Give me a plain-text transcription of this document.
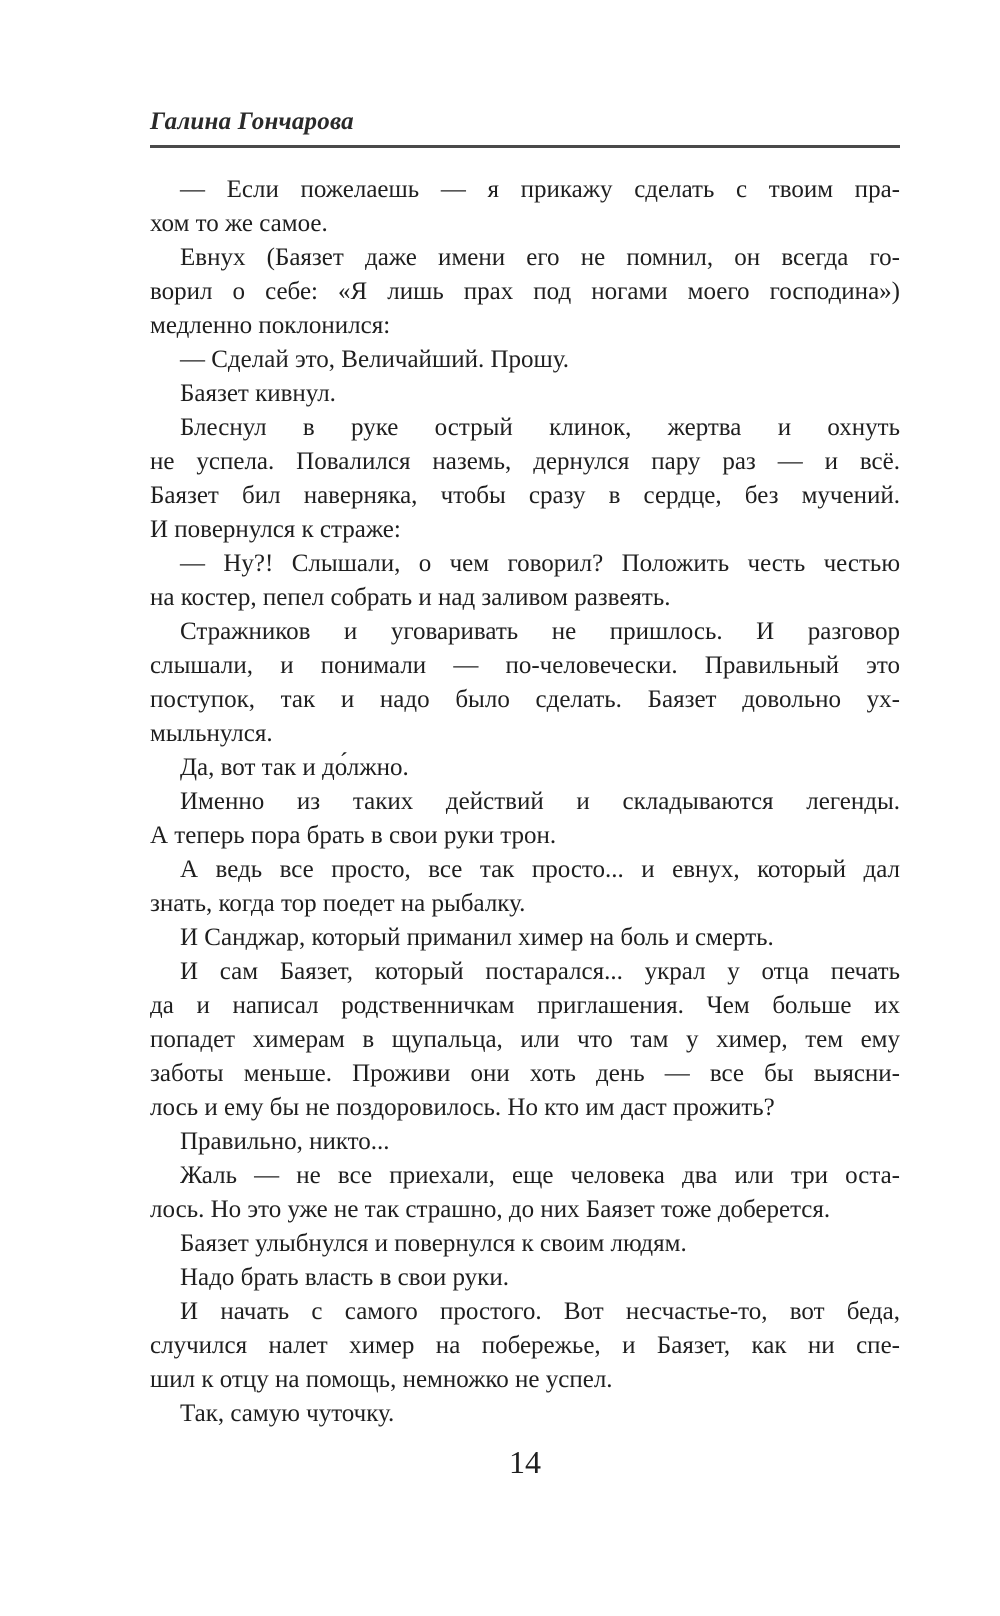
Галина Гончарова
— Если пожелаешь — я прикажу сделать с твоим пра-
хом то же самое.
Евнух (Баязет даже имени его не помнил, он всегда го-
ворил о себе: «Я лишь прах под ногами моего господина»)
медленно поклонился:
— Сделай это, Величайший. Прошу.
Баязет кивнул.
Блеснул в руке острый клинок, жертва и охнуть
не успела. Повалился наземь, дернулся пару раз — и всё.
Баязет бил наверняка, чтобы сразу в сердце, без мучений.
И повернулся к страже:
— Ну?! Слышали, о чем говорил? Положить честь честью
на костер, пепел собрать и над заливом развеять.
Стражников и уговаривать не пришлось. И разговор
слышали, и понимали — по-человечески. Правильный это
поступок, так и надо было сделать. Баязет довольно ух-
мыльнулся.
Да, вот так и до́лжно.
Именно из таких действий и складываются легенды.
А теперь пора брать в свои руки трон.
А ведь все просто, все так просто... и евнух, который дал
знать, когда тор поедет на рыбалку.
И Санджар, который приманил химер на боль и смерть.
И сам Баязет, который постарался... украл у отца печать
да и написал родственничкам приглашения. Чем больше их
попадет химерам в щупальца, или что там у химер, тем ему
заботы меньше. Проживи они хоть день — все бы выясни-
лось и ему бы не поздоровилось. Но кто им даст прожить?
Правильно, никто...
Жаль — не все приехали, еще человека два или три оста-
лось. Но это уже не так страшно, до них Баязет тоже доберется.
Баязет улыбнулся и повернулся к своим людям.
Надо брать власть в свои руки.
И начать с самого простого. Вот несчастье-то, вот беда,
случился налет химер на побережье, и Баязет, как ни спе-
шил к отцу на помощь, немножко не успел.
Так, самую чуточку.
14
